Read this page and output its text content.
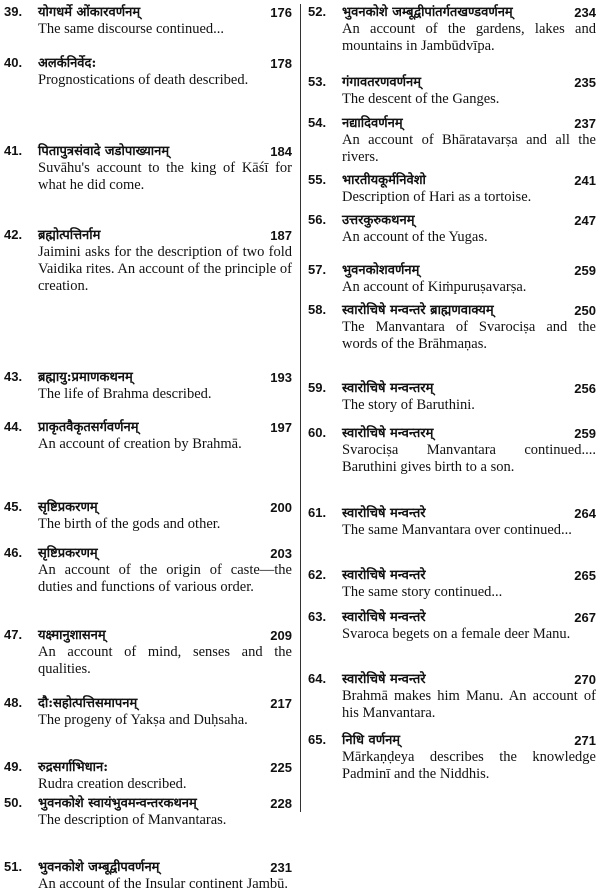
39.	योगधर्मे ओंकारवर्णनम्	176
The same discourse continued...
40.	अलर्कनिर्वेद:	178
Prognostications of death described.
41.	पितापुत्रसंवादे जडोपाख्यानम्	184
Suvāhu's account to the king of Kāśī for what he did come.
42.	ब्रह्मोत्पत्तिर्नाम	187
Jaimini asks for the description of two fold Vaidika rites. An account of the principle of creation.
43.	ब्रह्मायु:प्रमाणकथनम्	193
The life of Brahma described.
44.	प्राकृतवैकृतसर्गवर्णनम्	197
An account of creation by Brahmā.
45.	सृष्टिप्रकरणम्	200
The birth of the gods and other.
46.	सृष्टिप्रकरणम्	203
An account of the origin of caste—the duties and functions of various order.
47.	यक्ष्मानुशासनम्	209
An account of mind, senses and the qualities.
48.	दौ:सहोत्पत्तिसमापनम्	217
The progeny of Yakṣa and Duḥsaha.
49.	रुद्रसर्गाभिधान:	225
Rudra creation described.
50.	भुवनकोशे स्वायंभुवमन्वन्तरकथनम्	228
The description of Manvantaras.
51.	भुवनकोशे जम्बूद्वीपवर्णनम्	231
An account of the Insular continent Jambū.
52.	भुवनकोशे जम्बूद्वीपांतर्गतखण्डवर्णनम्	234
An account of the gardens, lakes and mountains in Jambūdvīpa.
53.	गंगावतरणवर्णनम्	235
The descent of the Ganges.
54.	नद्यादिवर्णनम्	237
An account of Bhāratavarṣa and all the rivers.
55.	भारतीयकूर्मनिवेशो	241
Description of Hari as a tortoise.
56.	उत्तरकुरुकथनम्	247
An account of the Yugas.
57.	भुवनकोशवर्णनम्	259
An account of Kiṁpuruṣavarṣa.
58.	स्वारोचिषे मन्वन्तरे ब्राह्मणवाक्यम्	250
The Manvantara of Svarociṣa and the words of the Brāhmaṇas.
59.	स्वारोचिषे मन्वन्तरम्	256
The story of Baruthini.
60.	स्वारोचिषे मन्वन्तरम्	259
Svarociṣa Manvantara continued.... Baruthini gives birth to a son.
61.	स्वारोचिषे मन्वन्तरे	264
The same Manvantara over continued...
62.	स्वारोचिषे मन्वन्तरे	265
The same story continued...
63.	स्वारोचिषे मन्वन्तरे	267
Svaroca begets on a female deer Manu.
64.	स्वारोचिषे मन्वन्तरे	270
Brahmā makes him Manu. An account of his Manvantara.
65.	निधि वर्णनम्	271
Mārkaṇḍeya describes the knowledge Padminī and the Niddhis.
